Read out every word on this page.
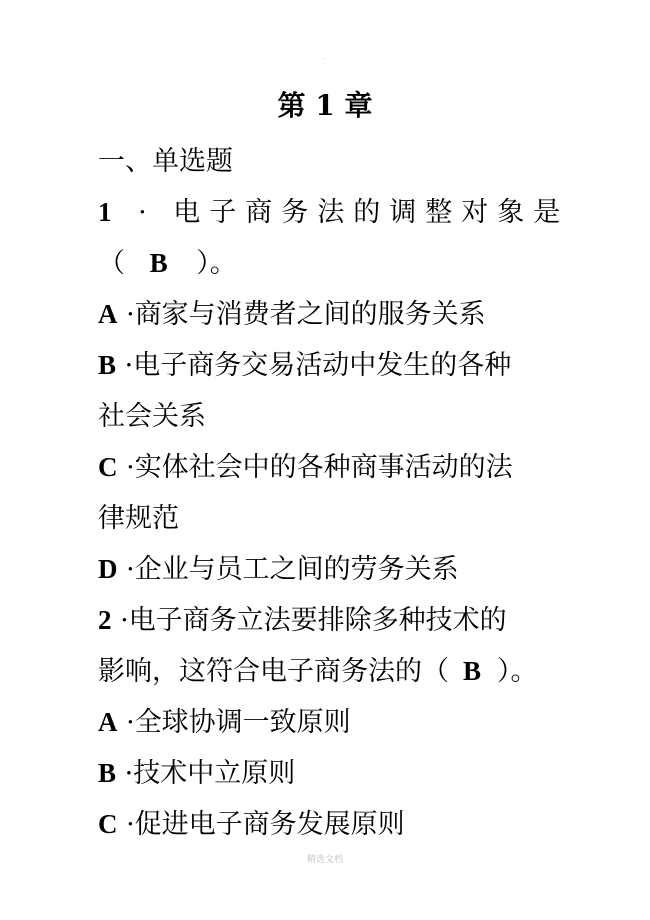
.
第 1 章
一、单选题
1 · 电子商务法的调整对象是
（ B ）。
A ·商家与消费者之间的服务关系
B ·电子商务交易活动中发生的各种
社会关系
C ·实体社会中的各种商事活动的法
律规范
D ·企业与员工之间的劳务关系
2 ·电子商务立法要排除多种技术的
影响，这符合电子商务法的（ B ）。
A ·全球协调一致原则
B ·技术中立原则
C ·促进电子商务发展原则
精选文档
